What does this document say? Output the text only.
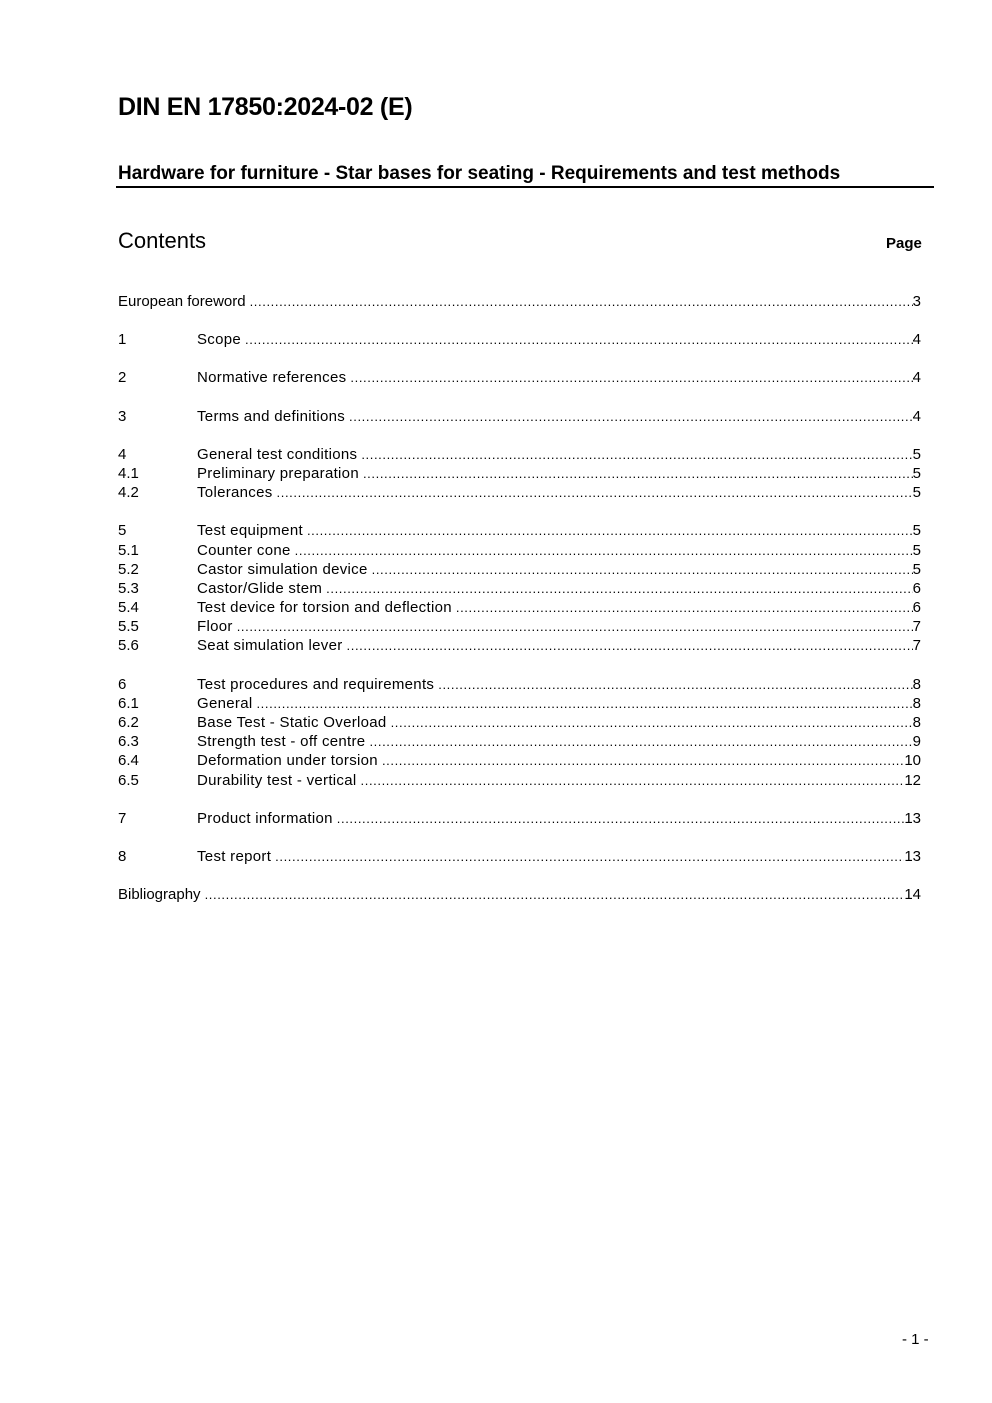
DIN EN 17850:2024-02 (E)
Hardware for furniture - Star bases for seating - Requirements and test methods
Contents	Page
European foreword .....	3
1	Scope .....	4
2	Normative references .....	4
3	Terms and definitions .....	4
4	General test conditions .....	5
4.1	Preliminary preparation .....	5
4.2	Tolerances .....	5
5	Test equipment .....	5
5.1	Counter cone .....	5
5.2	Castor simulation device .....	5
5.3	Castor/Glide stem .....	6
5.4	Test device for torsion and deflection .....	6
5.5	Floor .....	7
5.6	Seat simulation lever .....	7
6	Test procedures and requirements .....	8
6.1	General .....	8
6.2	Base Test - Static Overload .....	8
6.3	Strength test - off centre .....	9
6.4	Deformation under torsion .....	10
6.5	Durability test - vertical .....	12
7	Product information .....	13
8	Test report .....	13
Bibliography .....	14
- 1 -
